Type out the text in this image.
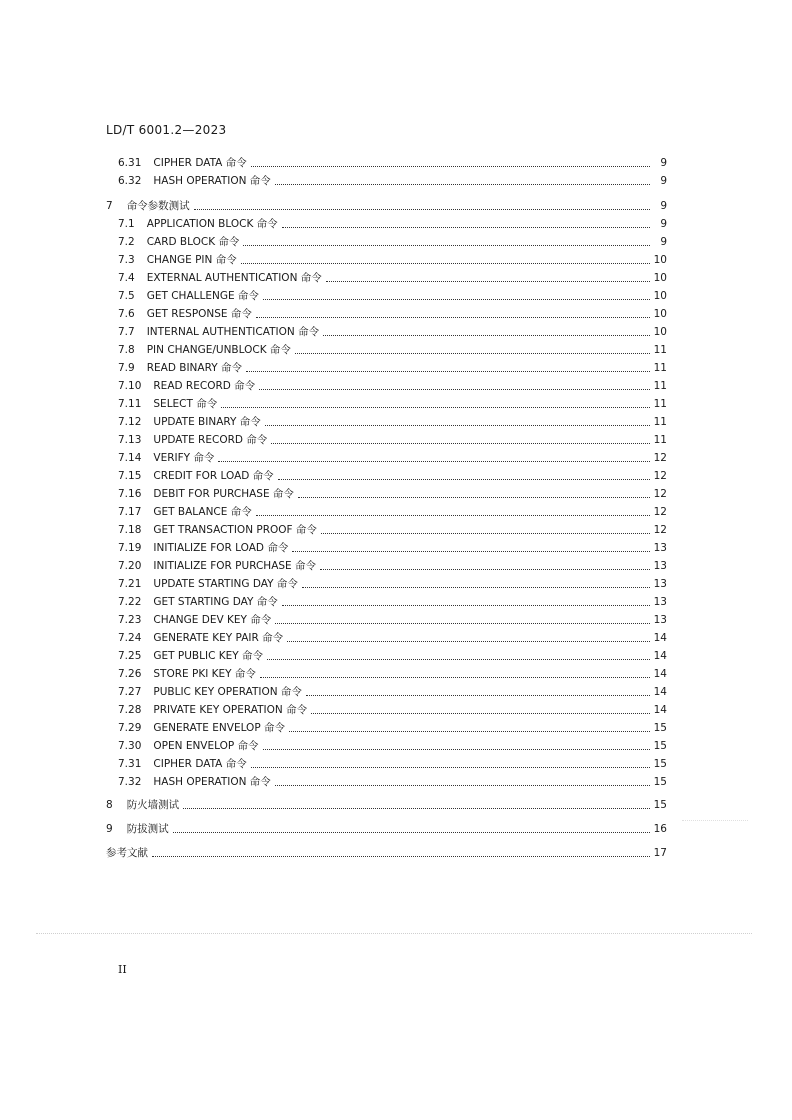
LD/T 6001.2—2023
6.31	CIPHER DATA 命令	9
6.32	HASH OPERATION 命令	9
7	命令参数测试	9
7.1	APPLICATION BLOCK 命令	9
7.2	CARD BLOCK 命令	9
7.3	CHANGE PIN 命令	10
7.4	EXTERNAL AUTHENTICATION 命令	10
7.5	GET CHALLENGE 命令	10
7.6	GET RESPONSE 命令	10
7.7	INTERNAL AUTHENTICATION 命令	10
7.8	PIN CHANGE/UNBLOCK 命令	11
7.9	READ BINARY 命令	11
7.10	READ RECORD 命令	11
7.11	SELECT 命令	11
7.12	UPDATE BINARY 命令	11
7.13	UPDATE RECORD 命令	11
7.14	VERIFY 命令	12
7.15	CREDIT FOR LOAD 命令	12
7.16	DEBIT FOR PURCHASE 命令	12
7.17	GET BALANCE 命令	12
7.18	GET TRANSACTION PROOF 命令	12
7.19	INITIALIZE FOR LOAD 命令	13
7.20	INITIALIZE FOR PURCHASE 命令	13
7.21	UPDATE STARTING DAY 命令	13
7.22	GET STARTING DAY 命令	13
7.23	CHANGE DEV KEY 命令	13
7.24	GENERATE KEY PAIR 命令	14
7.25	GET PUBLIC KEY 命令	14
7.26	STORE PKI KEY 命令	14
7.27	PUBLIC KEY OPERATION 命令	14
7.28	PRIVATE KEY OPERATION 命令	14
7.29	GENERATE ENVELOP 命令	15
7.30	OPEN ENVELOP 命令	15
7.31	CIPHER DATA 命令	15
7.32	HASH OPERATION 命令	15
8	防火墙测试	15
9	防拔测试	16
参考文献	17
II
